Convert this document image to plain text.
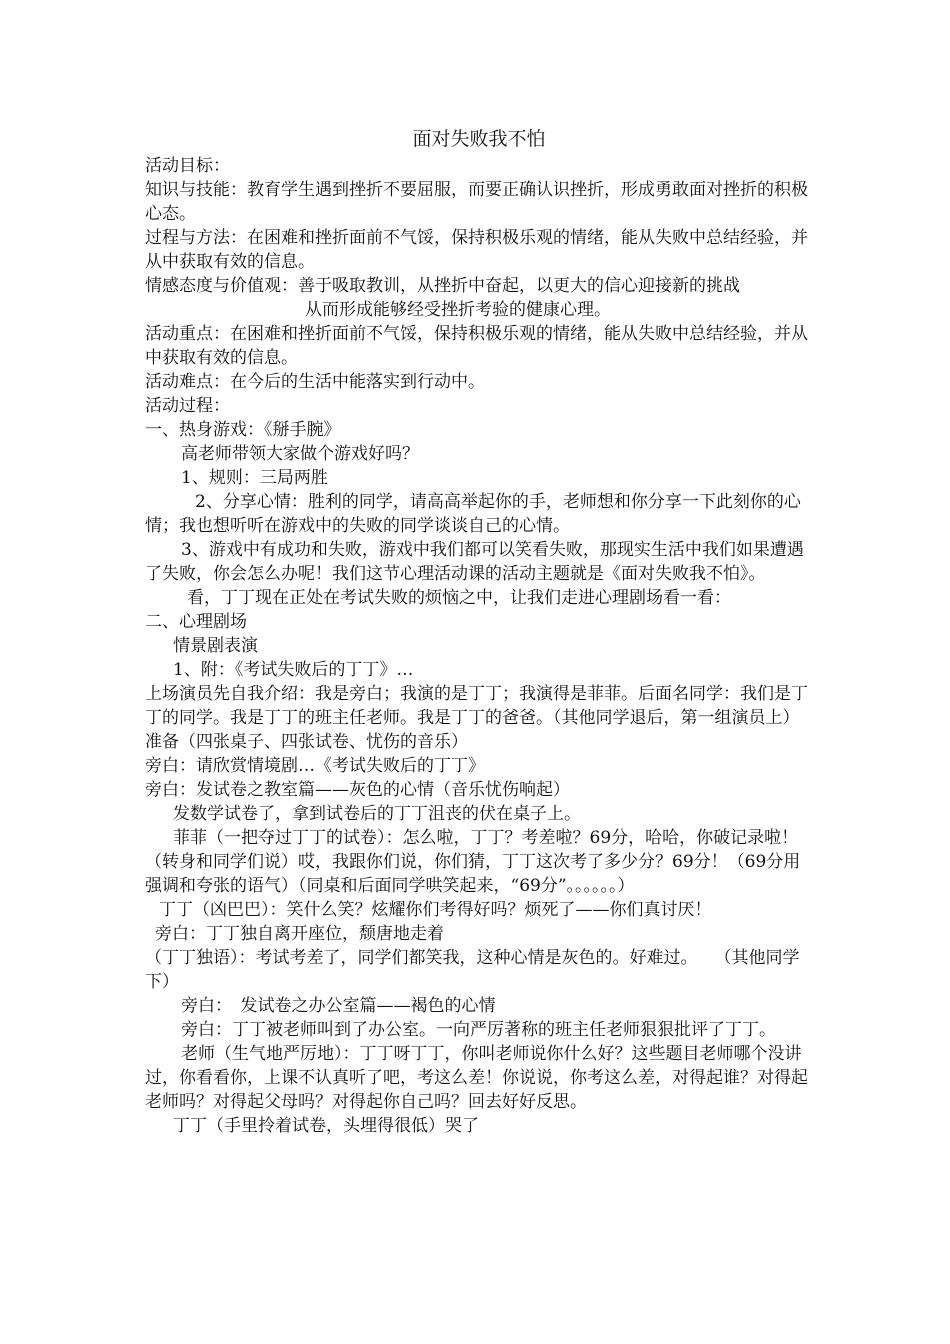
面对失败我不怕

活动目标：

知识与技能：教育学生遇到挫折不要屈服，而要正确认识挫折，形成勇敢面对挫折的积极心态。

过程与方法：在困难和挫折面前不气馁，保持积极乐观的情绪，能从失败中总结经验，并从中获取有效的信息。

情感态度与价值观：善于吸取教训，从挫折中奋起，以更大的信心迎接新的挑战

从而形成能够经受挫折考验的健康心理。

活动重点：在困难和挫折面前不气馁，保持积极乐观的情绪，能从失败中总结经验，并从中获取有效的信息。

活动难点：在今后的生活中能落实到行动中。

活动过程：

一、热身游戏：《掰手腕》

高老师带领大家做个游戏好吗？

1、规则：三局两胜

2、分享心情：胜利的同学，请高高举起你的手，老师想和你分享一下此刻你的心情；我也想听听在游戏中的失败的同学谈谈自己的心情。

3、游戏中有成功和失败，游戏中我们都可以笑看失败，那现实生活中我们如果遭遇了失败，你会怎么办呢！我们这节心理活动课的活动主题就是《面对失败我不怕》。

看，丁丁现在正处在考试失败的烦恼之中，让我们走进心理剧场看一看：

二、心理剧场

情景剧表演

1、附：《考试失败后的丁丁》…

上场演员先自我介绍：我是旁白；我演的是丁丁；我演得是菲菲。后面名同学：我们是丁丁的同学。我是丁丁的班主任老师。我是丁丁的爸爸。（其他同学退后，第一组演员上）准备（四张桌子、四张试卷、忧伤的音乐）

旁白：请欣赏情境剧…《考试失败后的丁丁》

旁白：发试卷之教室篇——灰色的心情（音乐忧伤响起）

发数学试卷了，拿到试卷后的丁丁沮丧的伏在桌子上。

菲菲（一把夺过丁丁的试卷）：怎么啦，丁丁？考差啦？69分，哈哈，你破记录啦！（转身和同学们说）哎，我跟你们说，你们猜，丁丁这次考了多少分？69分！（69分用强调和夸张的语气）（同桌和后面同学哄笑起来，“69分”。。。。。。）

丁丁（凶巴巴）：笑什么笑？炫耀你们考得好吗？烦死了——你们真讨厌！

旁白：丁丁独自离开座位，颓唐地走着

（丁丁独语）：考试考差了，同学们都笑我，这种心情是灰色的。好难过。　　（其他同学下）

旁白：　发试卷之办公室篇——褐色的心情

旁白：丁丁被老师叫到了办公室。一向严厉著称的班主任老师狠狠批评了丁丁。

老师（生气地严厉地）：丁丁呀丁丁，你叫老师说你什么好？这些题目老师哪个没讲过，你看看你，上课不认真听了吧，考这么差！你说说，你考这么差，对得起谁？对得起老师吗？对得起父母吗？对得起你自己吗？回去好好反思。

丁丁（手里拎着试卷，头埋得很低）哭了
